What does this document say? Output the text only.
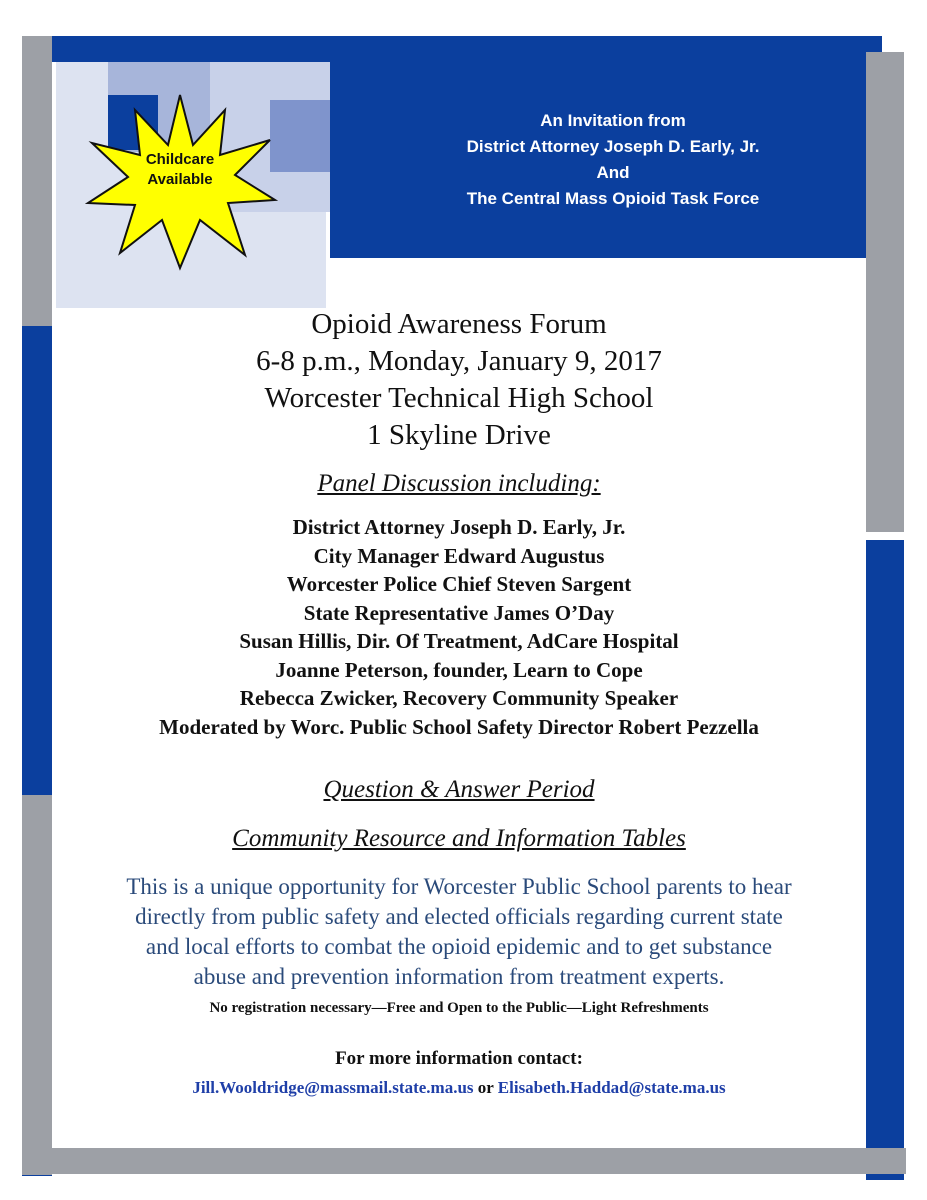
An Invitation from
District Attorney Joseph D. Early, Jr.
And
The Central Mass Opioid Task Force
Childcare
Available
Opioid Awareness Forum
6-8 p.m., Monday, January 9, 2017
Worcester Technical High School
1 Skyline Drive
Panel Discussion including:
District Attorney Joseph D. Early, Jr.
City Manager Edward Augustus
Worcester Police Chief Steven Sargent
State Representative James O’Day
Susan Hillis, Dir. Of Treatment, AdCare Hospital
Joanne Peterson, founder, Learn to Cope
Rebecca Zwicker, Recovery Community Speaker
Moderated by Worc. Public School Safety Director Robert Pezzella
Question & Answer Period
Community Resource and Information Tables
This is a unique opportunity for Worcester Public School parents to hear
directly from public safety and elected officials regarding current state
and local efforts to combat the opioid epidemic and to get substance
abuse and prevention information from treatment experts.
No registration necessary—Free and Open to the Public—Light Refreshments
For more information contact:
Jill.Wooldridge@massmail.state.ma.us or Elisabeth.Haddad@state.ma.us
